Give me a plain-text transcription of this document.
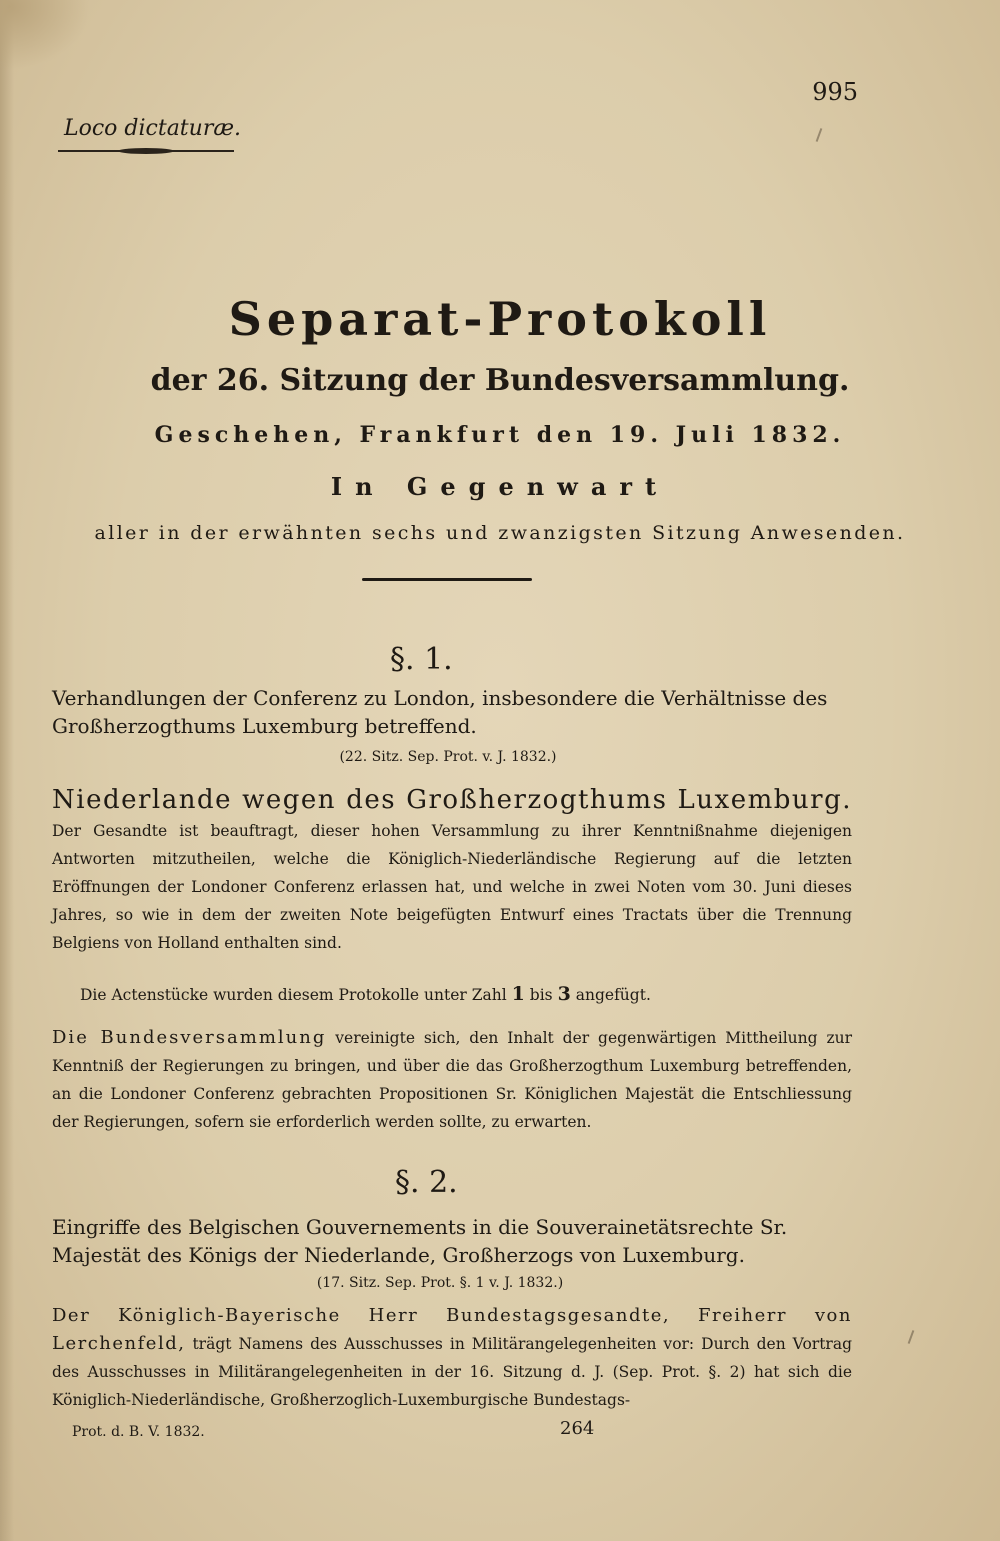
995
Loco dictaturæ.
Separat-Protokoll
der 26. Sitzung der Bundesversammlung.
Geschehen, Frankfurt den 19. Juli 1832.
In Gegenwart
aller in der erwähnten sechs und zwanzigsten Sitzung Anwesenden.
§. 1.
Verhandlungen der Conferenz zu London, insbesondere die Verhältnisse des Großherzogthums Luxemburg betreffend.
(22. Sitz. Sep. Prot. v. J. 1832.)
Niederlande wegen des Großherzogthums Luxemburg. Der Gesandte ist beauftragt, dieser hohen Versammlung zu ihrer Kenntnißnahme diejenigen Antworten mitzutheilen, welche die Königlich-Niederländische Regierung auf die letzten Eröffnungen der Londoner Conferenz erlassen hat, und welche in zwei Noten vom 30. Juni dieses Jahres, so wie in dem der zweiten Note beigefügten Entwurf eines Tractats über die Trennung Belgiens von Holland enthalten sind.
Die Actenstücke wurden diesem Protokolle unter Zahl 1 bis 3 angefügt.
Die Bundesversammlung vereinigte sich, den Inhalt der gegenwärtigen Mittheilung zur Kenntniß der Regierungen zu bringen, und über die das Großherzogthum Luxemburg betreffenden, an die Londoner Conferenz gebrachten Propositionen Sr. Königlichen Majestät die Entschliessung der Regierungen, sofern sie erforderlich werden sollte, zu erwarten.
§. 2.
Eingriffe des Belgischen Gouvernements in die Souverainetätsrechte Sr. Majestät des Königs der Niederlande, Großherzogs von Luxemburg.
(17. Sitz. Sep. Prot. §. 1 v. J. 1832.)
Der Königlich-Bayerische Herr Bundestagsgesandte, Freiherr von Lerchenfeld, trägt Namens des Ausschusses in Militärangelegenheiten vor: Durch den Vortrag des Ausschusses in Militärangelegenheiten in der 16. Sitzung d. J. (Sep. Prot. §. 2) hat sich die Königlich-Niederländische, Großherzoglich-Luxemburgische Bundestags-
Prot. d. B. V. 1832.	264
